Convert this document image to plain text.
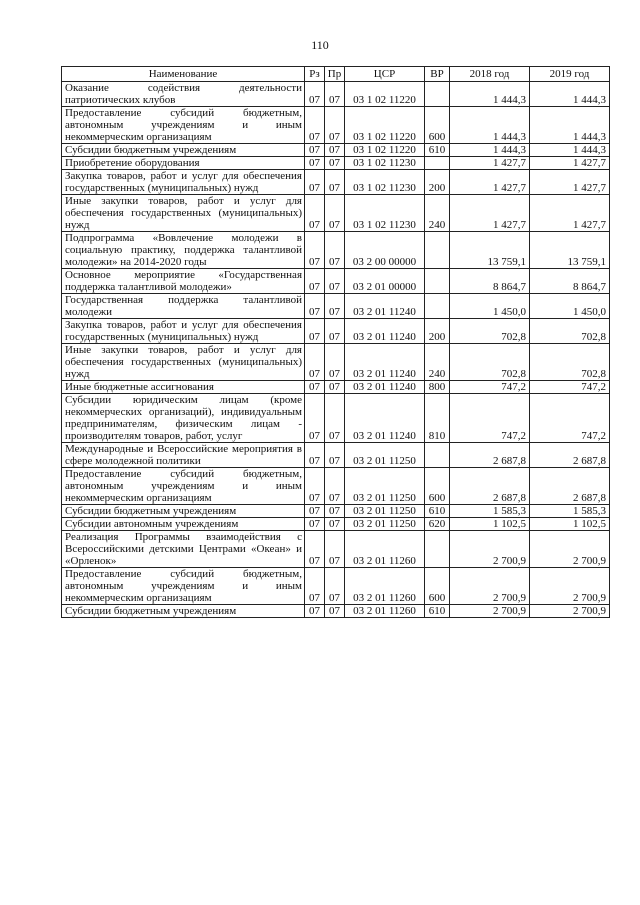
110
Наименование	Рз	Пр	ЦСР	ВР	2018 год	2019 год
Оказание содействия деятельности патриотических клубов	07	07	03 1 02 11220		1 444,3	1 444,3
Предоставление субсидий бюджетным, автономным учреждениям и иным некоммерческим организациям	07	07	03 1 02 11220	600	1 444,3	1 444,3
Субсидии бюджетным учреждениям	07	07	03 1 02 11220	610	1 444,3	1 444,3
Приобретение оборудования	07	07	03 1 02 11230		1 427,7	1 427,7
Закупка товаров, работ и услуг для обеспечения государственных (муниципальных) нужд	07	07	03 1 02 11230	200	1 427,7	1 427,7
Иные закупки товаров, работ и услуг для обеспечения государственных (муниципальных) нужд	07	07	03 1 02 11230	240	1 427,7	1 427,7
Подпрограмма «Вовлечение молодежи в социальную практику, поддержка талантливой молодежи» на 2014-2020 годы	07	07	03 2 00 00000		13 759,1	13 759,1
Основное мероприятие «Государственная поддержка талантливой молодежи»	07	07	03 2 01 00000		8 864,7	8 864,7
Государственная поддержка талантливой молодежи	07	07	03 2 01 11240		1 450,0	1 450,0
Закупка товаров, работ и услуг для обеспечения государственных (муниципальных) нужд	07	07	03 2 01 11240	200	702,8	702,8
Иные закупки товаров, работ и услуг для обеспечения государственных (муниципальных) нужд	07	07	03 2 01 11240	240	702,8	702,8
Иные бюджетные ассигнования	07	07	03 2 01 11240	800	747,2	747,2
Субсидии юридическим лицам (кроме некоммерческих организаций), индивидуальным предпринимателям, физическим лицам - производителям товаров, работ, услуг	07	07	03 2 01 11240	810	747,2	747,2
Международные и Всероссийские мероприятия в сфере молодежной политики	07	07	03 2 01 11250		2 687,8	2 687,8
Предоставление субсидий бюджетным, автономным учреждениям и иным некоммерческим организациям	07	07	03 2 01 11250	600	2 687,8	2 687,8
Субсидии бюджетным учреждениям	07	07	03 2 01 11250	610	1 585,3	1 585,3
Субсидии автономным учреждениям	07	07	03 2 01 11250	620	1 102,5	1 102,5
Реализация Программы взаимодействия с Всероссийскими детскими Центрами «Океан» и «Орленок»	07	07	03 2 01 11260		2 700,9	2 700,9
Предоставление субсидий бюджетным, автономным учреждениям и иным некоммерческим организациям	07	07	03 2 01 11260	600	2 700,9	2 700,9
Субсидии бюджетным учреждениям	07	07	03 2 01 11260	610	2 700,9	2 700,9
